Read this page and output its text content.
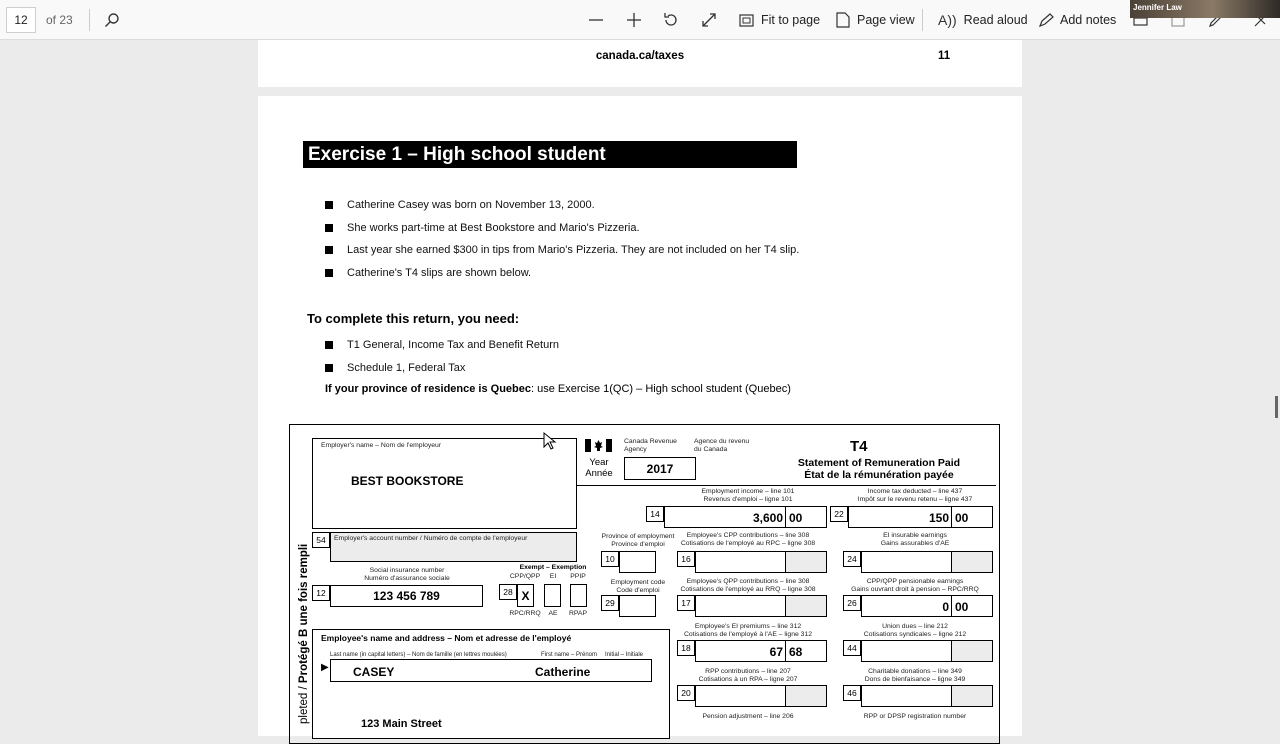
12 of 23	Fit to page	Page view A)) Read aloud	Add notes
Jennifer Law
canada.ca/taxes	11
Exercise 1 – High school student
Catherine Casey was born on November 13, 2000.
She works part-time at Best Bookstore and Mario's Pizzeria.
Last year she earned $300 in tips from Mario's Pizzeria. They are not included on her T4 slip.
Catherine's T4 slips are shown below.
To complete this return, you need:
T1 General, Income Tax and Benefit Return
Schedule 1, Federal Tax
If your province of residence is Quebec: use Exercise 1(QC) – High school student (Quebec)
pleted / Protégé B une fois rempli
Employer's name – Nom de l'employeur
BEST BOOKSTORE
Canada Revenue Agency
Agence du revenu du Canada
Year
Année	2017
T4
Statement of Remuneration Paid
État de la rémunération payée
54	Employer's account number / Numéro de compte de l'employeur
Social insurance number
Numéro d'assurance sociale
12	123 456 789
Exempt – Exemption
CPP/QPP	EI	PPIP
28 X
RPC/RRQ	AE	RPAP
Province of employment
Province d'emploi
10
Employment code
Code d'emploi
29
Employment income – line 101
Revenus d'emploi – ligne 101
14	3,600 00
Employee's CPP contributions – line 308
Cotisations de l'employé au RPC – ligne 308
16
Employee's QPP contributions – line 308
Cotisations de l'employé au RRQ – ligne 308
17
Employee's EI premiums – line 312
Cotisations de l'employé à l'AE – ligne 312
18	67 68
RPP contributions – line 207
Cotisations à un RPA – ligne 207
20
Pension adjustment – line 206
Income tax deducted – line 437
Impôt sur le revenu retenu – ligne 437
22	150 00
EI insurable earnings
Gains assurables d'AE
24
CPP/QPP pensionable earnings
Gains ouvrant droit à pension – RPC/RRQ
26	0 00
Union dues – line 212
Cotisations syndicales – ligne 212
44
Charitable donations – line 349
Dons de bienfaisance – ligne 349
46
RPP or DPSP registration number
Employee's name and address – Nom et adresse de l'employé
Last name (in capital letters) – Nom de famille (en lettres moulées)	First name – Prénom Initial – Initiale
▶ CASEY	Catherine
123 Main Street
